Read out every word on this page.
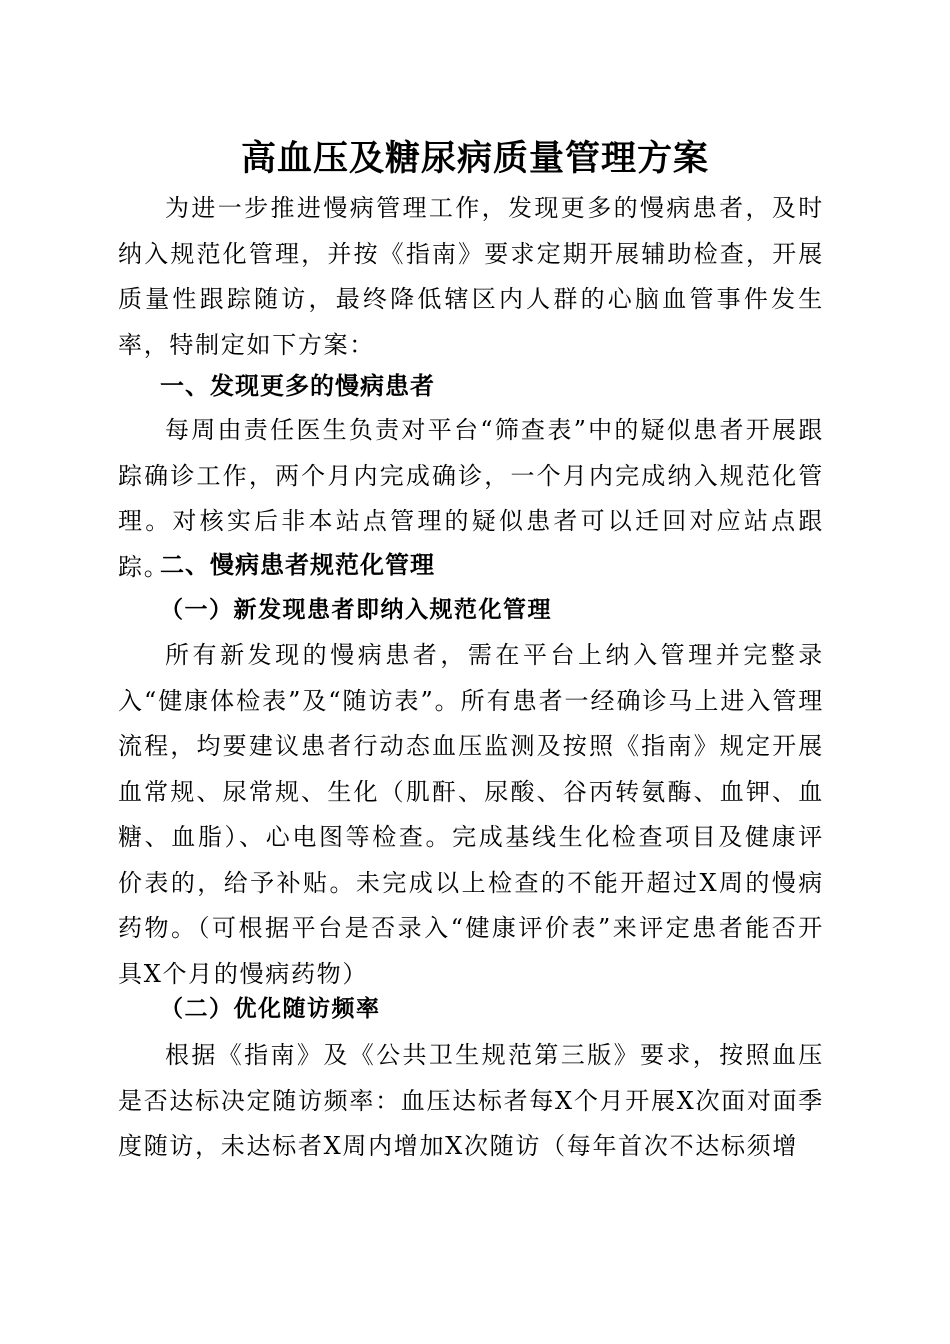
高血压及糖尿病质量管理方案

为进一步推进慢病管理工作，发现更多的慢病患者，及时纳入规范化管理，并按《指南》要求定期开展辅助检查，开展质量性跟踪随访，最终降低辖区内人群的心脑血管事件发生率，特制定如下方案：

一、发现更多的慢病患者

每周由责任医生负责对平台“筛查表”中的疑似患者开展跟踪确诊工作，两个月内完成确诊，一个月内完成纳入规范化管理。对核实后非本站点管理的疑似患者可以迁回对应站点跟踪。

二、慢病患者规范化管理
（一）新发现患者即纳入规范化管理

所有新发现的慢病患者，需在平台上纳入管理并完整录入“健康体检表”及“随访表”。所有患者一经确诊马上进入管理流程，均要建议患者行动态血压监测及按照《指南》规定开展血常规、尿常规、生化（肌酐、尿酸、谷丙转氨酶、血钾、血糖、血脂）、心电图等检查。完成基线生化检查项目及健康评价表的，给予补贴。未完成以上检查的不能开超过X周的慢病药物。（可根据平台是否录入“健康评价表”来评定患者能否开具X个月的慢病药物）

（二）优化随访频率

根据《指南》及《公共卫生规范第三版》要求，按照血压是否达标决定随访频率：血压达标者每X个月开展X次面对面季度随访，未达标者X周内增加X次随访（每年首次不达标须增
